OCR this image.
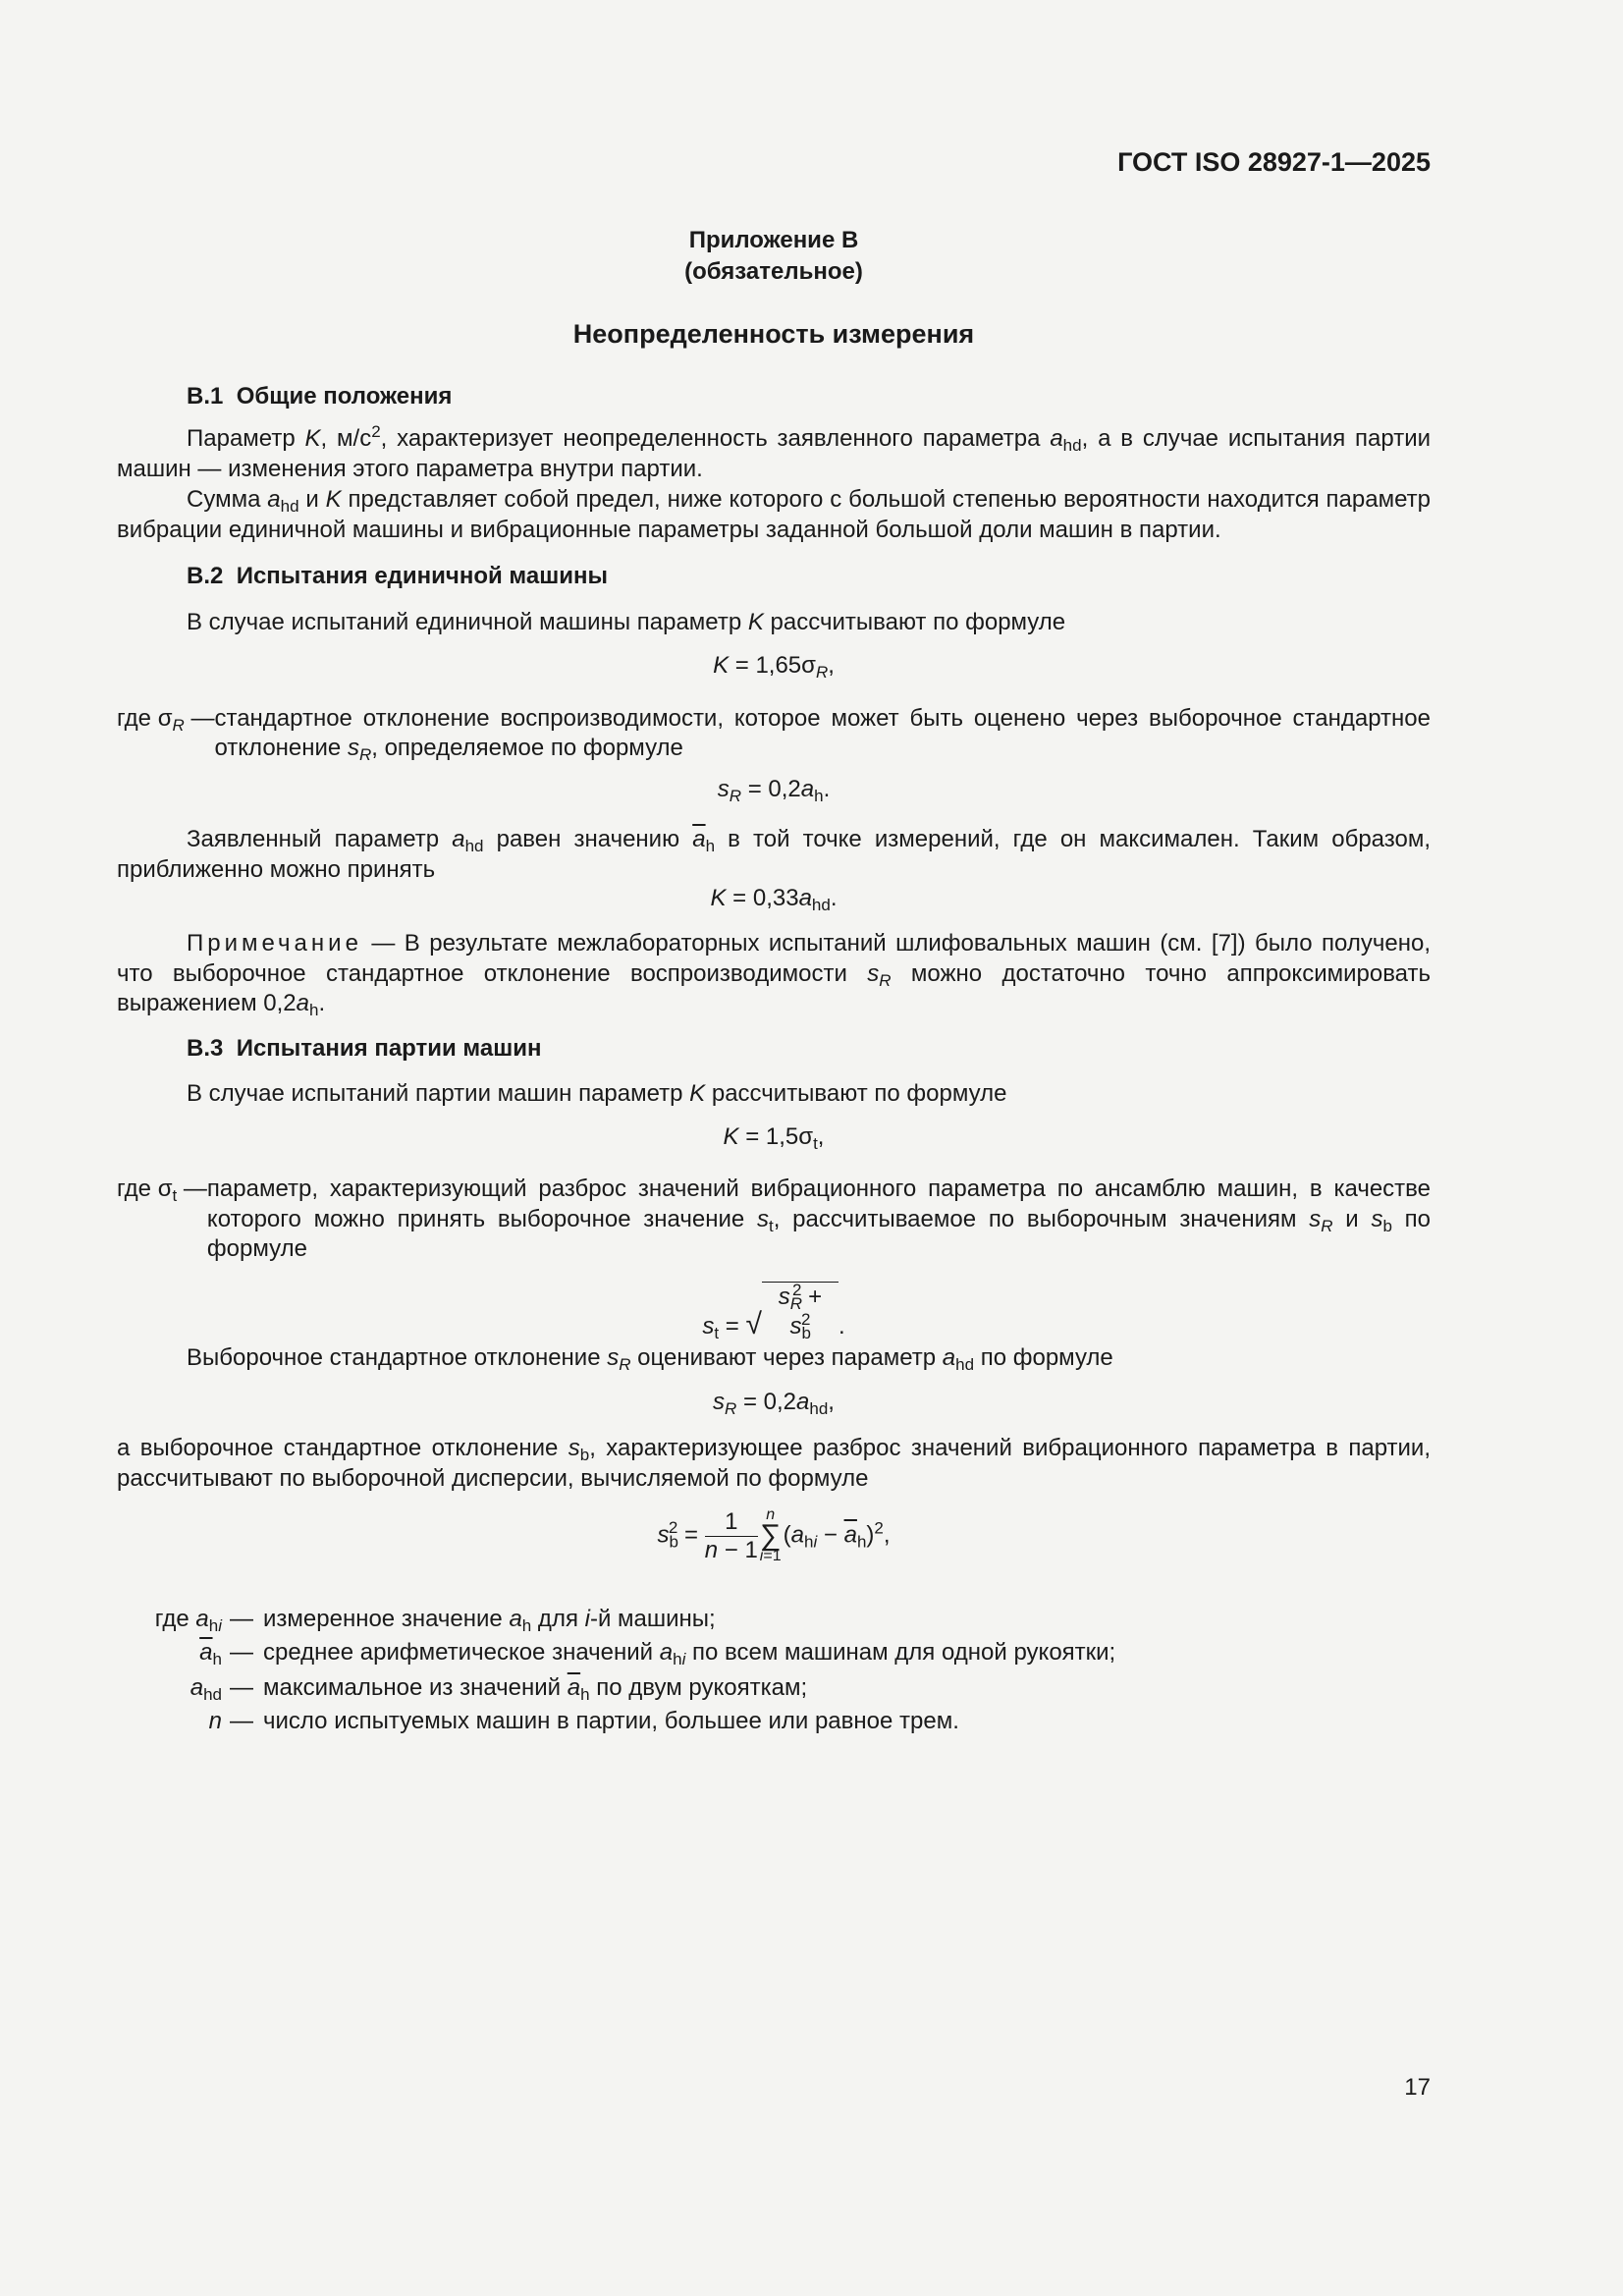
ГОСТ ISO 28927-1—2025
Приложение В
(обязательное)
Неопределенность измерения
B.1 Общие положения

Параметр K, $м/с^2$, характеризует неопределенность заявленного параметра $a_{hd}$, а в случае испытания партии машин — изменения этого параметра внутри партии.

Сумма $a_{hd}$ и K представляет собой предел, ниже которого с большой степенью вероятности находится параметр вибрации единичной машины и вибрационные параметры заданной большой доли машин в партии.

B.2 Испытания единичной машины

В случае испытаний единичной машины параметр K рассчитывают по формуле

$K = 1,65\sigma_R$,
где $\sigma_R$ — стандартное отклонение воспроизводимости, которое может быть оценено через выборочное стандартное отклонение $s_R$, определяемое по формуле
$s_R = 0,2a_h$.

Заявленный параметр $a_{hd}$ равен значению $\overline{a}_h$ в той точке измерений, где он максимален. Таким образом, приближенно можно принять

$K = 0,33a_{hd}$.

Примечание — В результате межлабораторных испытаний шлифовальных машин (см. [7]) было получено, что выборочное стандартное отклонение воспроизводимости $s_R$ можно достаточно точно аппроксимировать выражением $0,2a_h$.

B.3 Испытания партии машин

В случае испытаний партии машин параметр K рассчитывают по формуле

$K = 1,5\sigma_t$,
где $\sigma_t$ — параметр, характеризующий разброс значений вибрационного параметра по ансамблю машин, в качестве которого можно принять выборочное значение $s_t$, рассчитываемое по выборочным значениям $s_R$ и $s_b$ по формуле
$s_t = √s_R^2 + s_b^2$ .

Выборочное стандартное отклонение $s_R$ оценивают через параметр $a_{hd}$ по формуле

$s_R = 0,2a_{hd}$,

а выборочное стандартное отклонение $s_b$, характеризующее разброс значений вибрационного параметра в партии, рассчитывают по выборочной дисперсии, вычисляемой по формуле

$s_b^2 = \frac{1}{n - 1}$ n
∑
$i=1(a_{hi} - \overline{a}_h)^2$,
где $a_{hi}$ — измеренное значение $a_h$ для i-й машины;
$\overline{a}_h$ — среднее арифметическое значений $a_{hi}$ по всем машинам для одной рукоятки;
$a_{hd}$ — максимальное из значений $\overline{a}_h$ по двум рукояткам;
n — число испытуемых машин в партии, большее или равное трем.
17
